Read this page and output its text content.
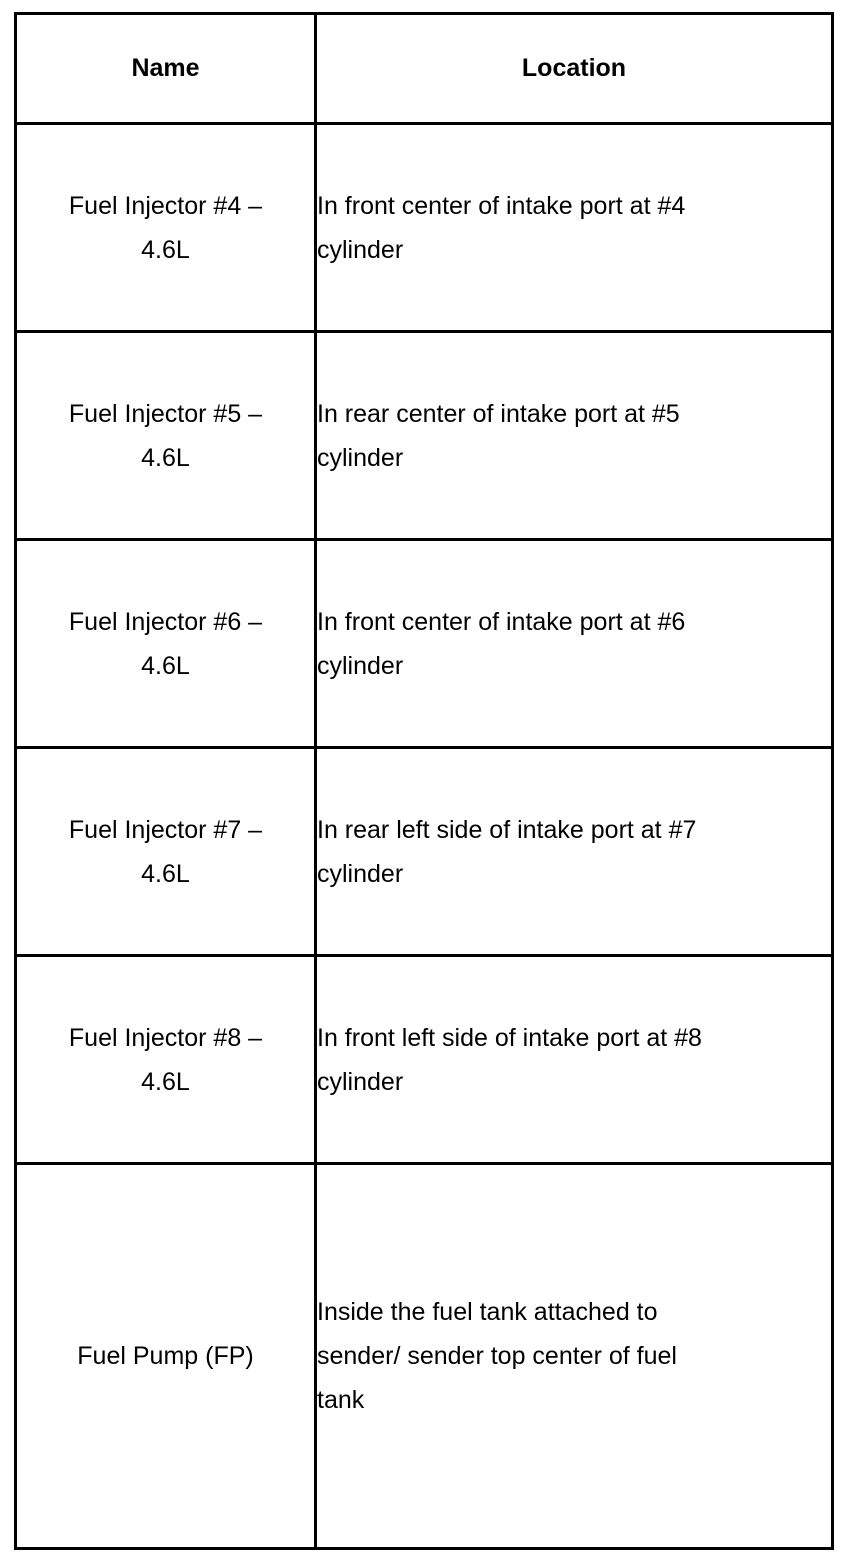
Name	Location

Fuel Injector #4 –
4.6L	In front center of intake port at #4
cylinder

Fuel Injector #5 –
4.6L	In rear center of intake port at #5
cylinder

Fuel Injector #6 –
4.6L	In front center of intake port at #6
cylinder

Fuel Injector #7 –
4.6L	In rear left side of intake port at #7
cylinder

Fuel Injector #8 –
4.6L	In front left side of intake port at #8
cylinder

Fuel Pump (FP)	Inside the fuel tank attached to
sender/ sender top center of fuel
tank
